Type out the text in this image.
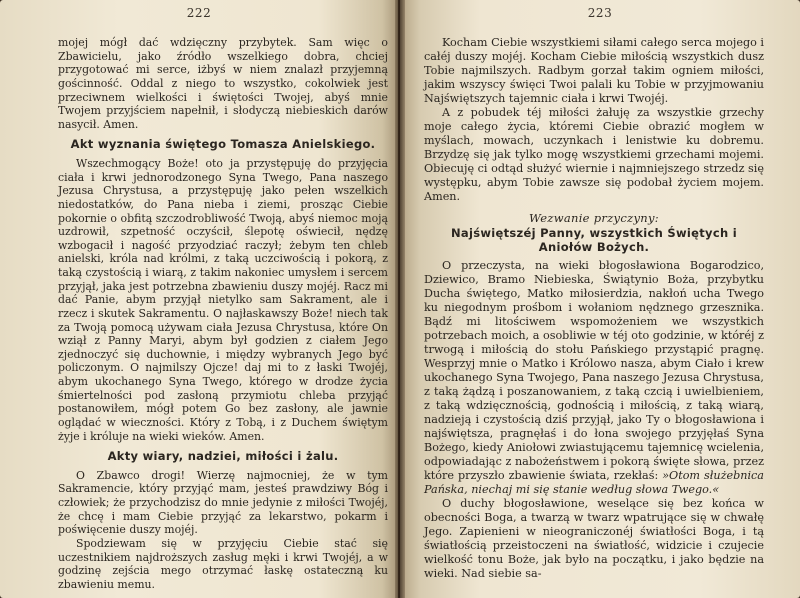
222

mojej mógł dać wdzięczny przybytek. Sam więc o Zbawicielu, jako źródło wszelkiego dobra, chciej przygotować mi serce, iżbyś w niem znalazł przyjemną gościnność. Oddal z niego to wszystko, cokolwiek jest przeciwnem wielkości i świętości Twojej, abyś mnie Twojem przyjściem napełnił, i słodyczą niebieskich darów nasycił. Amen.

Akt wyznania świętego Tomasza Anielskiego.

Wszechmogący Boże! oto ja przystępuję do przyjęcia ciała i krwi jednorodzonego Syna Twego, Pana naszego Jezusa Chrystusa, a przystępuję jako pełen wszelkich niedostatków, do Pana nieba i ziemi, prosząc Ciebie pokornie o obfitą szczodrobliwość Twoją, abyś niemoc moją uzdrowił, szpetność oczyścił, ślepotę oświecił, nędzę wzbogacił i nagość przyodziać raczył; żebym ten chleb anielski, króla nad królmi, z taką uczciwością i pokorą, z taką czystością i wiarą, z takim nakoniec umysłem i sercem przyjął, jaka jest potrzebna zbawieniu duszy mojéj. Racz mi dać Panie, abym przyjął nietylko sam Sakrament, ale i rzecz i skutek Sakramentu. O najłaskawszy Boże! niech tak za Twoją pomocą używam ciała Jezusa Chrystusa, które On wziął z Panny Maryi, abym był godzien z ciałem Jego zjednoczyć się duchownie, i między wybranych Jego być policzonym. O najmilszy Ojcze! daj mi to z łaski Twojéj, abym ukochanego Syna Twego, którego w drodze życia śmiertelności pod zasłoną przymiotu chleba przyjąć postanowiłem, mógł potem Go bez zasłony, ale jawnie oglądać w wieczności. Który z Tobą, i z Duchem świętym żyje i króluje na wieki wieków. Amen.

Akty wiary, nadziei, miłości i żalu.

O Zbawco drogi! Wierzę najmocniej, że w tym Sakramencie, który przyjąć mam, jesteś prawdziwy Bóg i człowiek; że przychodzisz do mnie jedynie z miłości Twojéj, że chcę i mam Ciebie przyjąć za lekarstwo, pokarm i poświęcenie duszy mojéj.

Spodziewam się w przyjęciu Ciebie stać się uczestnikiem najdroższych zasług męki i krwi Twojéj, a w godzinę zejścia mego otrzymać łaskę ostateczną ku zbawieniu memu.

223

Kocham Ciebie wszystkiemi siłami całego serca mojego i całéj duszy mojéj. Kocham Ciebie miłością wszystkich dusz Tobie najmilszych. Radbym gorzał takim ogniem miłości, jakim wszyscy święci Twoi palali ku Tobie w przyjmowaniu Najświętszych tajemnic ciała i krwi Twojéj.

A z pobudek téj miłości żałuję za wszystkie grzechy moje całego życia, któremi Ciebie obrazić mogłem w myślach, mowach, uczynkach i lenistwie ku dobremu. Brzydzę się jak tylko mogę wszystkiemi grzechami mojemi. Obiecuję ci odtąd służyć wiernie i najmniejszego strzedz się występku, abym Tobie zawsze się podobał życiem mojem. Amen.

Wezwanie przyczyny:
Najświętszéj Panny, wszystkich Świętych i Aniołów Bożych.

O przeczysta, na wieki błogosławiona Bogarodzico, Dziewico, Bramo Niebieska, Świątynio Boża, przybytku Ducha świętego, Matko miłosierdzia, nakłoń ucha Twego ku niegodnym prośbom i wołaniom nędznego grzesznika. Bądź mi litościwem wspomożeniem we wszystkich potrzebach moich, a osobliwie w téj oto godzinie, w któréj z trwogą i miłością do stołu Pańskiego przystąpić pragnę. Wesprzyj mnie o Matko i Królowo nasza, abym Ciało i krew ukochanego Syna Twojego, Pana naszego Jezusa Chrystusa, z taką żądzą i poszanowaniem, z taką czcią i uwielbieniem, z taką wdzięcznością, godnością i miłością, z taką wiarą, nadzieją i czystością dziś przyjął, jako Ty o błogosławiona i najświętsza, pragnęłaś i do łona swojego przyjęłaś Syna Bożego, kiedy Aniołowi zwiastującemu tajemnicę wcielenia, odpowiadając z nabożeństwem i pokorą święte słowa, przez które przyszło zbawienie świata, rzekłaś: »Otom służebnica Pańska, niechaj mi się stanie według słowa Twego.«

O duchy błogosławione, weselące się bez końca w obecności Boga, a twarzą w twarz wpatrujące się w chwałę Jego. Zapienieni w nieograniczonéj światłości Boga, i tą światłością przeistoczeni na światłość, widzicie i czujecie wielkość tonu Boże, jak było na początku, i jako będzie na wieki. Nad siebie sa-
